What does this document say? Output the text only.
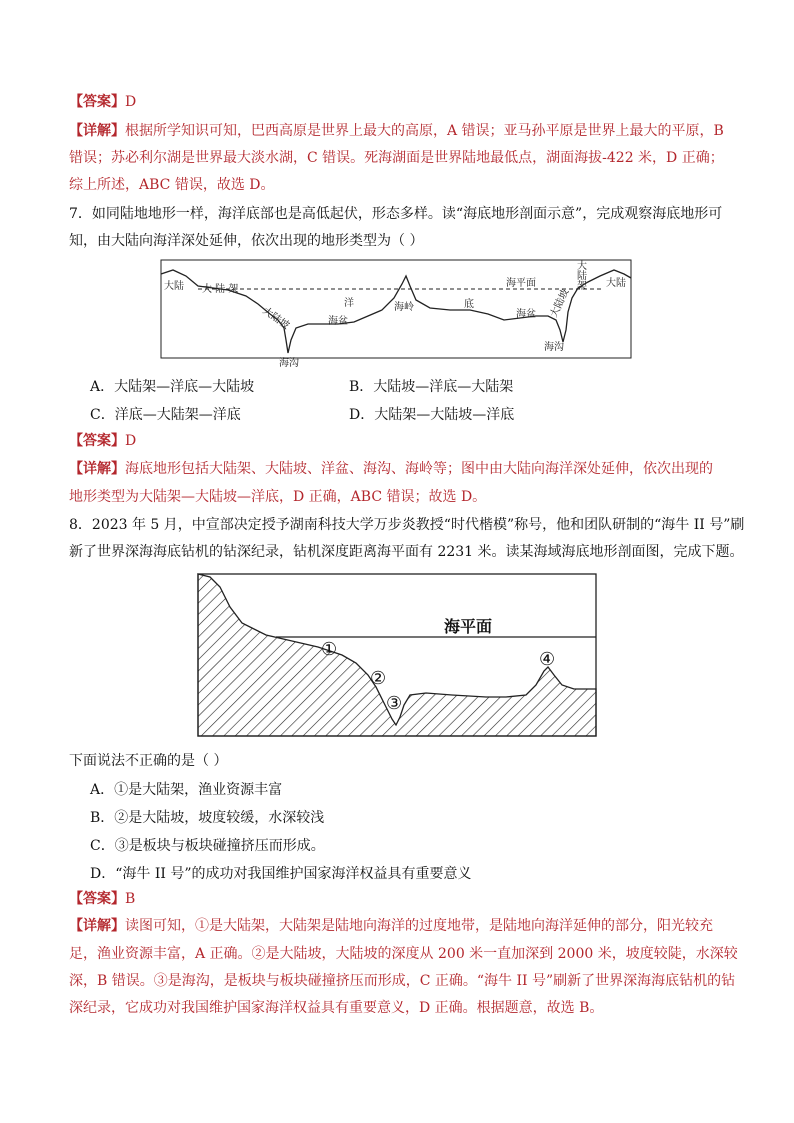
【答案】D
【详解】根据所学知识可知，巴西高原是世界上最大的高原，A 错误；亚马孙平原是世界上最大的平原，B
错误；苏必利尔湖是世界最大淡水湖，C 错误。死海湖面是世界陆地最低点，湖面海拔-422 米，D 正确；
综上所述，ABC 错误，故选 D。
7．如同陆地地形一样，海洋底部也是高低起伏，形态多样。读“海底地形剖面示意”，完成观察海底地形可
知，由大陆向海洋深处延伸，依次出现的地形类型为（ ）
大陆 大 陆 架
大陆坡
海沟
洋
海盆
海岭	底
海平面
海盆 大陆坡
海沟
大陆架 大陆
A．大陆架—洋底—大陆坡	B．大陆坡—洋底—大陆架
C．洋底—大陆架—洋底	D．大陆架—大陆坡—洋底
【答案】D
【详解】海底地形包括大陆架、大陆坡、洋盆、海沟、海岭等；图中由大陆向海洋深处延伸，依次出现的
地形类型为大陆架—大陆坡—洋底，D 正确，ABC 错误；故选 D。
8．2023 年 5 月，中宣部决定授予湖南科技大学万步炎教授“时代楷模”称号，他和团队研制的“海牛 II 号”刷
新了世界深海海底钻机的钻深纪录，钻机深度距离海平面有 2231 米。读某海域海底地形剖面图，完成下题。
海平面
①
②
③
④
下面说法不正确的是（ ）
A．①是大陆架，渔业资源丰富
B．②是大陆坡，坡度较缓，水深较浅
C．③是板块与板块碰撞挤压而形成。
D．“海牛 II 号”的成功对我国维护国家海洋权益具有重要意义
【答案】B
【详解】读图可知，①是大陆架，大陆架是陆地向海洋的过度地带，是陆地向海洋延伸的部分，阳光较充
足，渔业资源丰富，A 正确。②是大陆坡，大陆坡的深度从 200 米一直加深到 2000 米，坡度较陡，水深较
深，B 错误。③是海沟，是板块与板块碰撞挤压而形成，C 正确。“海牛 II 号”刷新了世界深海海底钻机的钻
深纪录，它成功对我国维护国家海洋权益具有重要意义，D 正确。根据题意，故选 B。
